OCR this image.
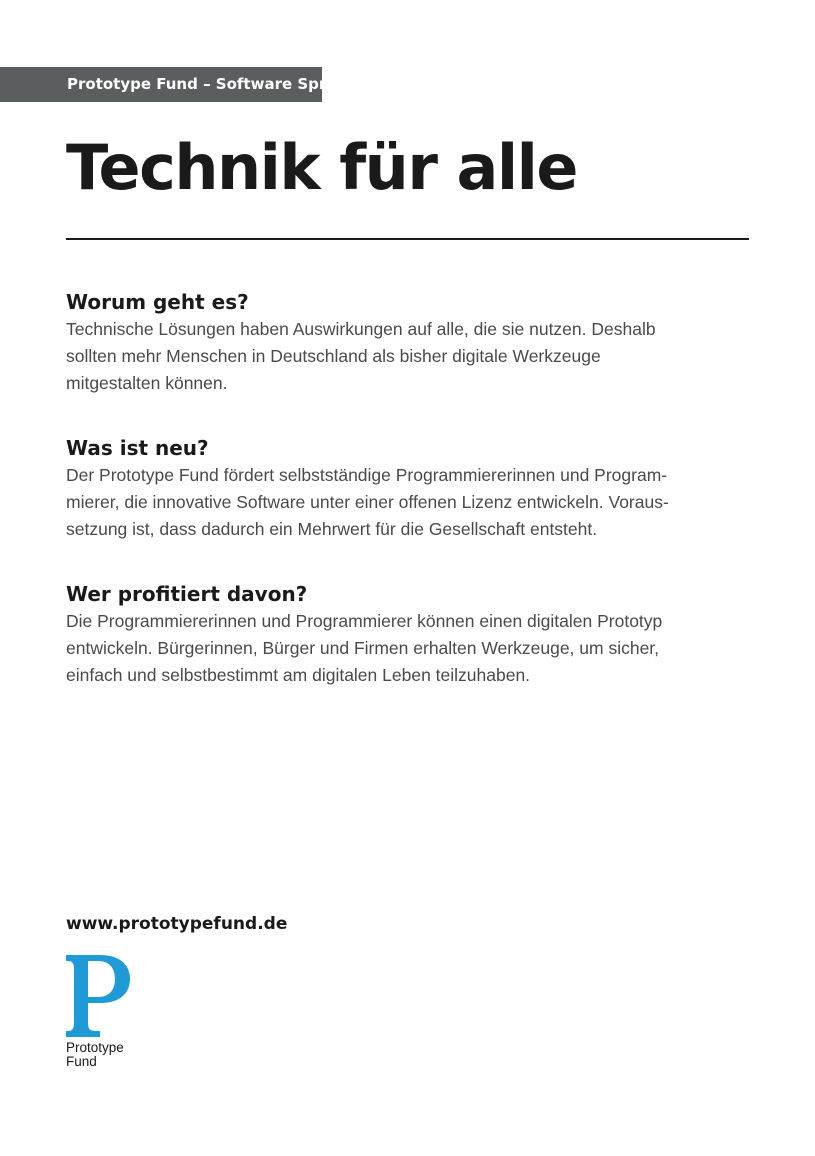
Prototype Fund – Software Sprint
Technik für alle
Worum geht es?

Technische Lösungen haben Auswirkungen auf alle, die sie nutzen. Deshalb
sollten mehr Menschen in Deutschland als bisher digitale Werkzeuge
mitgestalten können.

Was ist neu?

Der Prototype Fund fördert selbstständige Programmiererinnen und Program-
mierer, die innovative Software unter einer offenen Lizenz entwickeln. Voraus-
setzung ist, dass dadurch ein Mehrwert für die Gesellschaft entsteht.

Wer profitiert davon?

Die Programmiererinnen und Programmierer können einen digitalen Prototyp
entwickeln. Bürgerinnen, Bürger und Firmen erhalten Werkzeuge, um sicher,
einfach und selbstbestimmt am digitalen Leben teilzuhaben.

www.prototypefund.de
Prototype
Fund
